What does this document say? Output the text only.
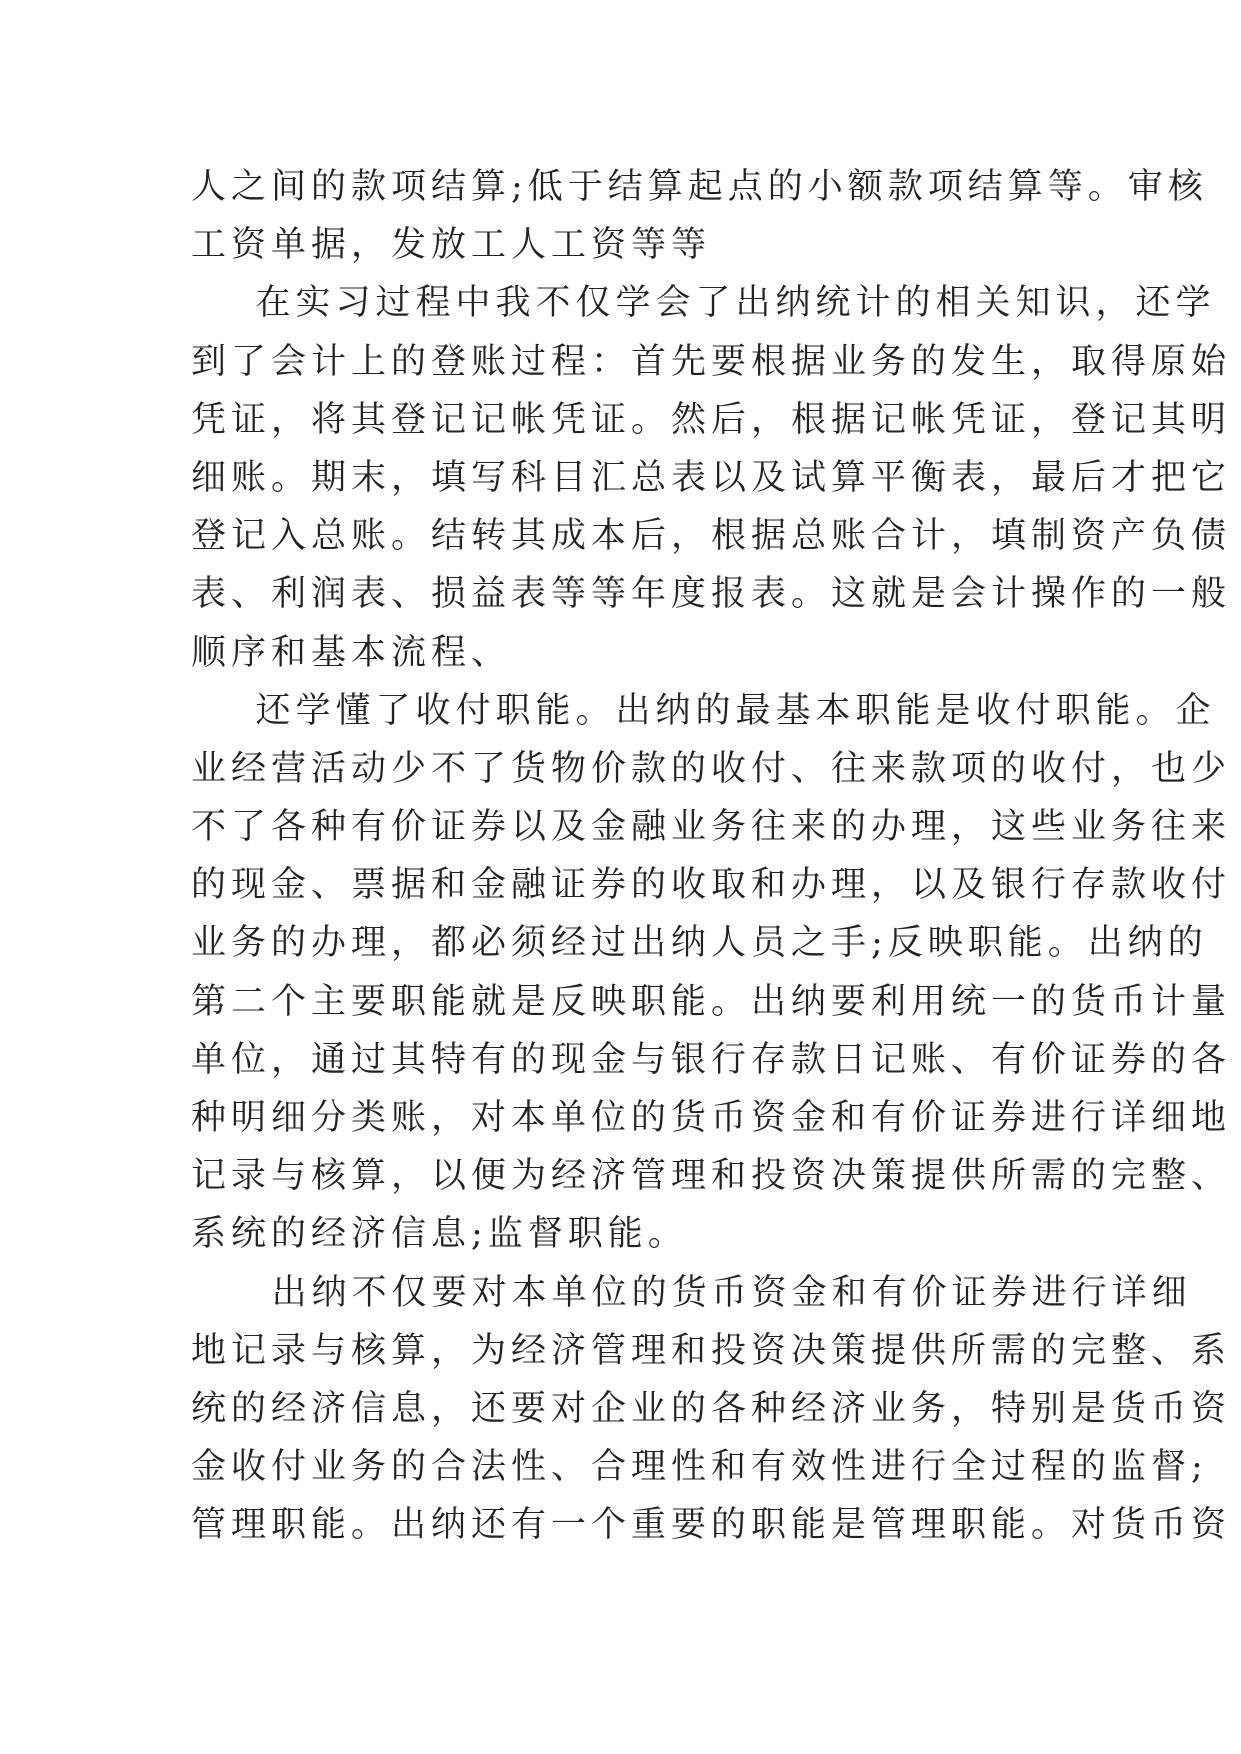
人之间的款项结算;低于结算起点的小额款项结算等。审核
工资单据，发放工人工资等等
在实习过程中我不仅学会了出纳统计的相关知识，还学
到了会计上的登账过程：首先要根据业务的发生，取得原始
凭证，将其登记记帐凭证。然后，根据记帐凭证，登记其明
细账。期末，填写科目汇总表以及试算平衡表，最后才把它
登记入总账。结转其成本后，根据总账合计，填制资产负债
表、利润表、损益表等等年度报表。这就是会计操作的一般
顺序和基本流程、
还学懂了收付职能。出纳的最基本职能是收付职能。企
业经营活动少不了货物价款的收付、往来款项的收付，也少
不了各种有价证券以及金融业务往来的办理，这些业务往来
的现金、票据和金融证券的收取和办理，以及银行存款收付
业务的办理，都必须经过出纳人员之手;反映职能。出纳的
第二个主要职能就是反映职能。出纳要利用统一的货币计量
单位，通过其特有的现金与银行存款日记账、有价证券的各
种明细分类账，对本单位的货币资金和有价证券进行详细地
记录与核算，以便为经济管理和投资决策提供所需的完整、
系统的经济信息;监督职能。
出纳不仅要对本单位的货币资金和有价证券进行详细
地记录与核算，为经济管理和投资决策提供所需的完整、系
统的经济信息，还要对企业的各种经济业务，特别是货币资
金收付业务的合法性、合理性和有效性进行全过程的监督;
管理职能。出纳还有一个重要的职能是管理职能。对货币资
